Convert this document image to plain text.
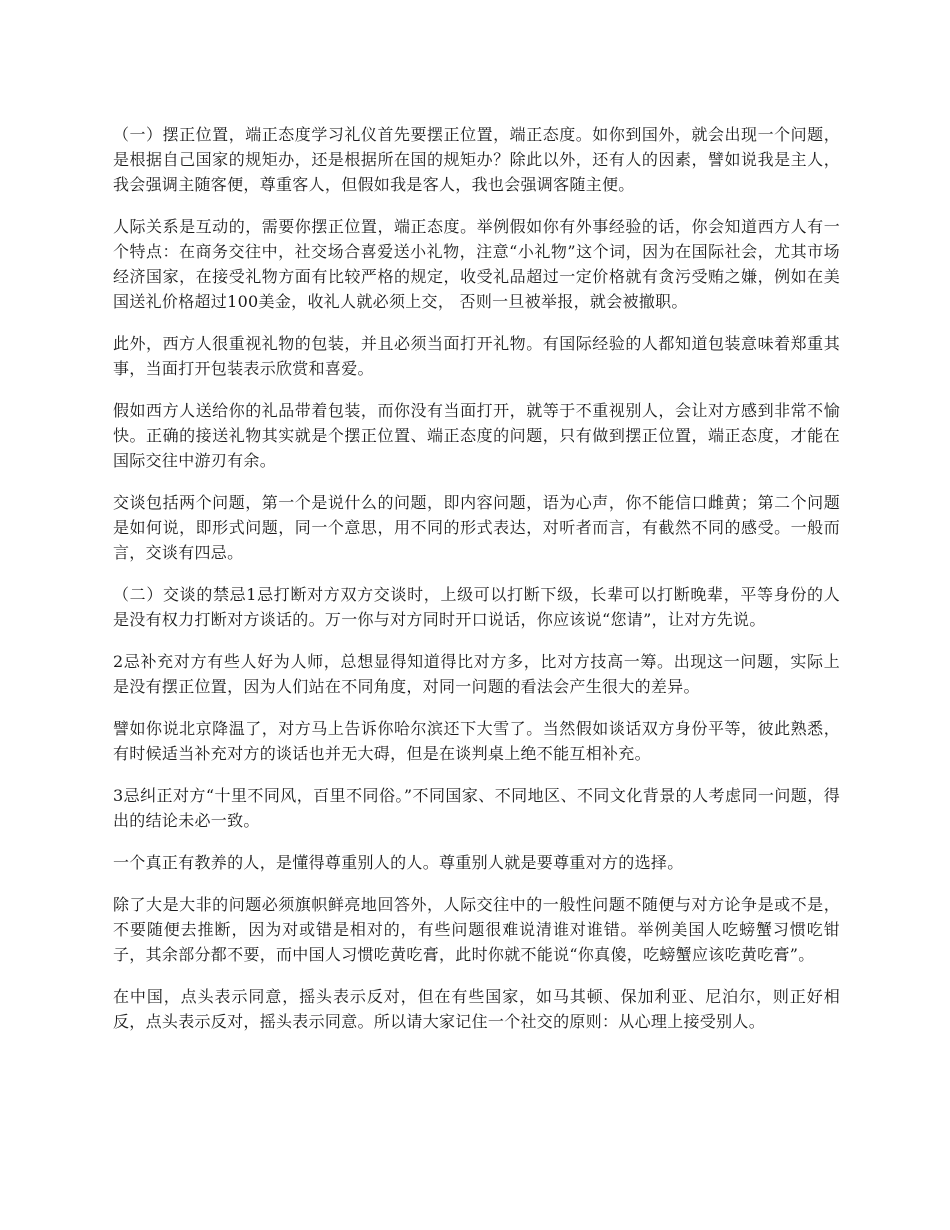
（一）摆正位置，端正态度学习礼仪首先要摆正位置，端正态度。如你到国外，就会出现一个问题，是根据自己国家的规矩办，还是根据所在国的规矩办？除此以外，还有人的因素，譬如说我是主人，我会强调主随客便，尊重客人，但假如我是客人，我也会强调客随主便。

人际关系是互动的，需要你摆正位置，端正态度。举例假如你有外事经验的话，你会知道西方人有一个特点：在商务交往中，社交场合喜爱送小礼物，注意“小礼物”这个词，因为在国际社会，尤其市场经济国家，在接受礼物方面有比较严格的规定，收受礼品超过一定价格就有贪污受贿之嫌，例如在美国送礼价格超过100美金，收礼人就必须上交， 否则一旦被举报，就会被撤职。

此外，西方人很重视礼物的包装，并且必须当面打开礼物。有国际经验的人都知道包装意味着郑重其事，当面打开包装表示欣赏和喜爱。

假如西方人送给你的礼品带着包装，而你没有当面打开，就等于不重视别人，会让对方感到非常不愉快。正确的接送礼物其实就是个摆正位置、端正态度的问题，只有做到摆正位置，端正态度，才能在国际交往中游刃有余。

交谈包括两个问题，第一个是说什么的问题，即内容问题，语为心声，你不能信口雌黄；第二个问题是如何说，即形式问题，同一个意思，用不同的形式表达，对听者而言，有截然不同的感受。一般而言，交谈有四忌。

（二）交谈的禁忌1忌打断对方双方交谈时，上级可以打断下级，长辈可以打断晚辈，平等身份的人是没有权力打断对方谈话的。万一你与对方同时开口说话，你应该说“您请”，让对方先说。

2忌补充对方有些人好为人师，总想显得知道得比对方多，比对方技高一筹。出现这一问题，实际上是没有摆正位置，因为人们站在不同角度，对同一问题的看法会产生很大的差异。

譬如你说北京降温了，对方马上告诉你哈尔滨还下大雪了。当然假如谈话双方身份平等，彼此熟悉，有时候适当补充对方的谈话也并无大碍，但是在谈判桌上绝不能互相补充。

3忌纠正对方“十里不同风，百里不同俗。”不同国家、不同地区、不同文化背景的人考虑同一问题，得出的结论未必一致。

一个真正有教养的人，是懂得尊重别人的人。尊重别人就是要尊重对方的选择。

除了大是大非的问题必须旗帜鲜亮地回答外，人际交往中的一般性问题不随便与对方论争是或不是，不要随便去推断，因为对或错是相对的，有些问题很难说清谁对谁错。举例美国人吃螃蟹习惯吃钳子，其余部分都不要，而中国人习惯吃黄吃膏，此时你就不能说“你真傻，吃螃蟹应该吃黄吃膏”。

在中国，点头表示同意，摇头表示反对，但在有些国家，如马其顿、保加利亚、尼泊尔，则正好相反，点头表示反对，摇头表示同意。所以请大家记住一个社交的原则：从心理上接受别人。
